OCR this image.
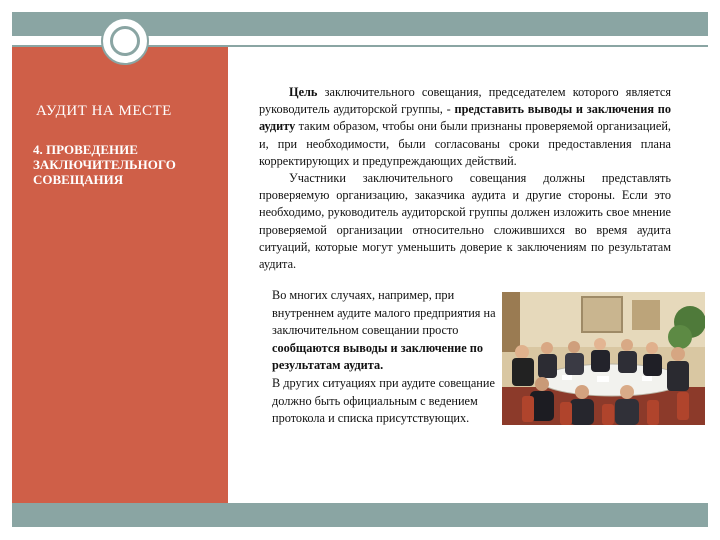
АУДИТ НА МЕСТЕ
4. ПРОВЕДЕНИЕ ЗАКЛЮЧИТЕЛЬНОГО СОВЕЩАНИЯ

Цель заключительного совещания, председателем которого является руководитель аудиторской группы, - представить выводы и заключения по аудиту таким образом, чтобы они были признаны проверяемой организацией, и, при необходимости, были согласованы сроки предоставления плана корректирующих и предупреждающих действий.

Участники заключительного совещания должны представлять проверяемую организацию, заказчика аудита и другие стороны. Если это необходимо, руководитель аудиторской группы должен изложить свое мнение проверяемой организации относительно сложившихся во время аудита ситуаций, которые могут уменьшить доверие к заключениям по результатам аудита.

Во многих случаях, например, при внутреннем аудите малого предприятия на заключительном совещании просто сообщаются выводы и заключение по результатам аудита.

В других ситуациях при аудите совещание должно быть официальным с ведением протокола и списка присутствующих.
